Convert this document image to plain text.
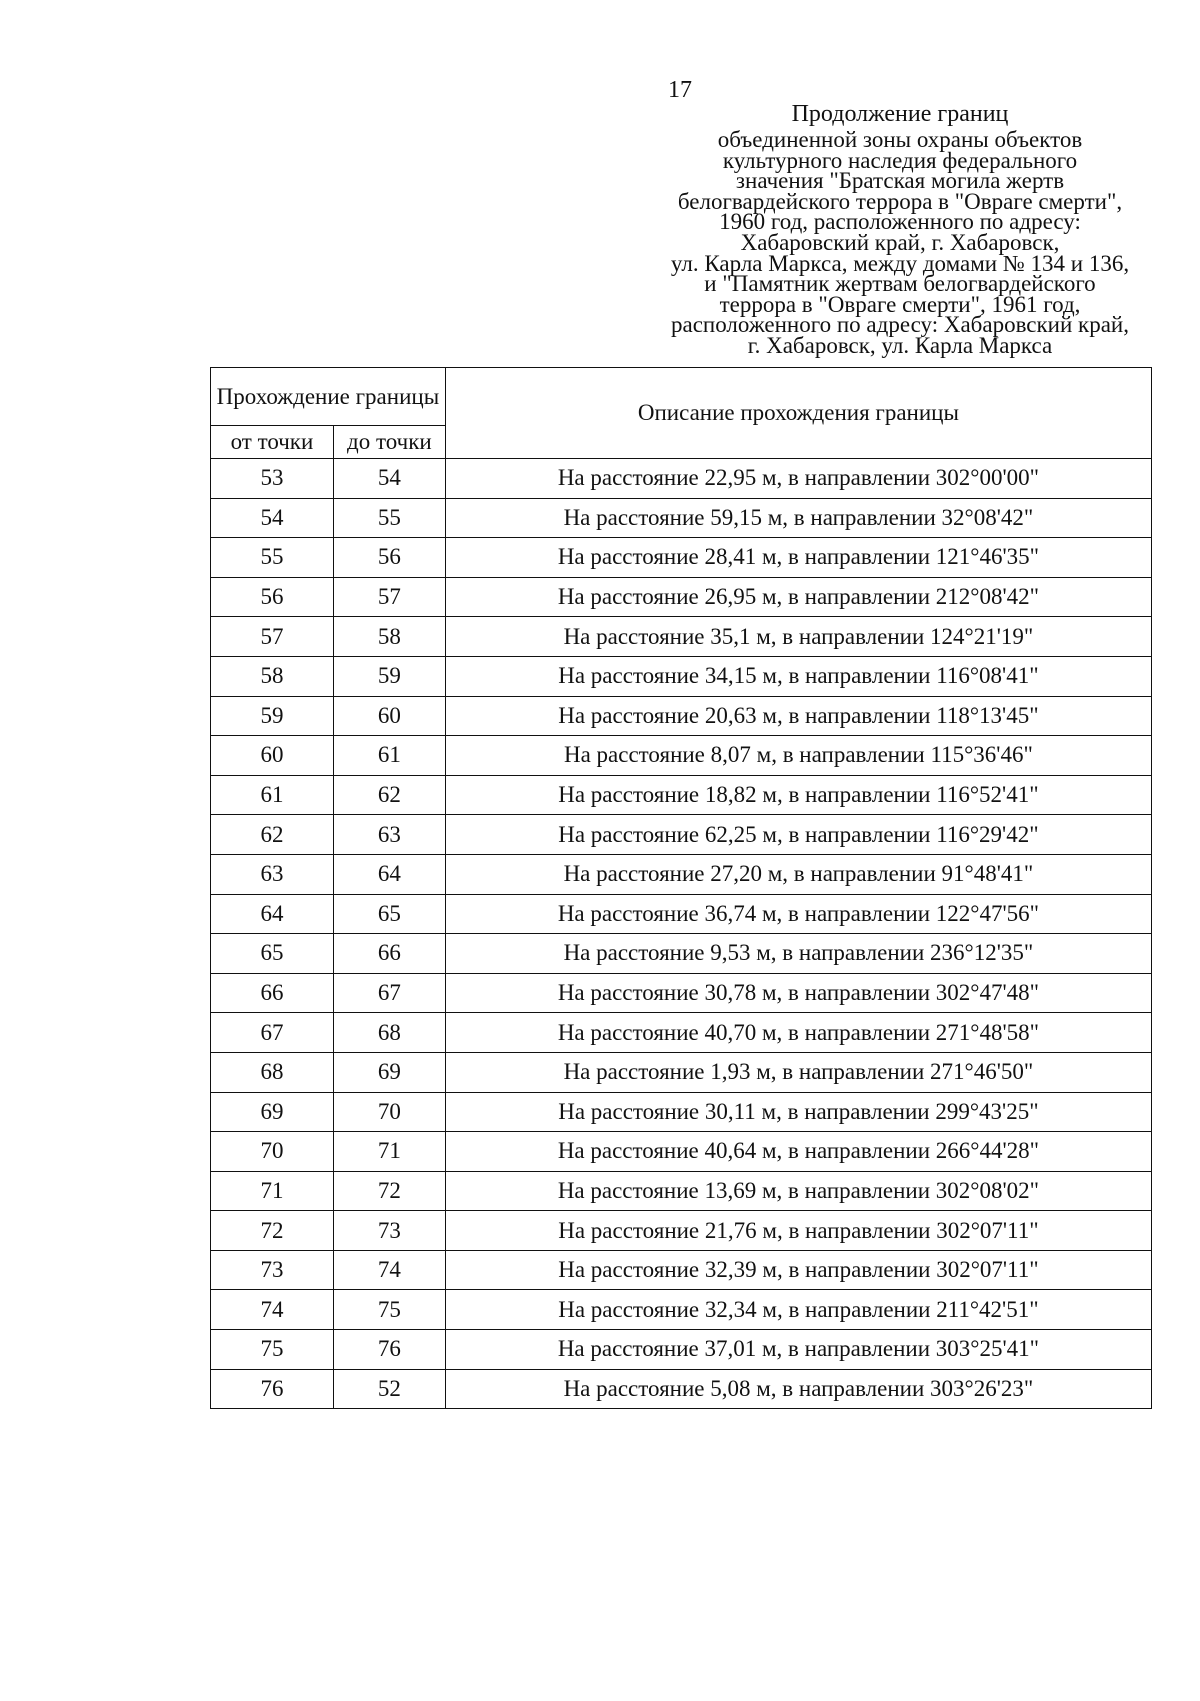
17
Продолжение границ
объединенной зоны охраны объектов
культурного наследия федерального
значения "Братская могила жертв
белогвардейского террора в "Овраге смерти",
1960 год, расположенного по адресу:
Хабаровский край, г. Хабаровск,
ул. Карла Маркса, между домами № 134 и 136,
и "Памятник жертвам белогвардейского
террора в "Овраге смерти", 1961 год,
расположенного по адресу: Хабаровский край,
г. Хабаровск, ул. Карла Маркса
Прохождение границы		Описание прохождения границы
от точки	до точки	
53	54	На расстояние 22,95 м, в направлении 302°00'00"
54	55	На расстояние 59,15 м, в направлении 32°08'42"
55	56	На расстояние 28,41 м, в направлении 121°46'35"
56	57	На расстояние 26,95 м, в направлении 212°08'42"
57	58	На расстояние 35,1 м, в направлении 124°21'19"
58	59	На расстояние 34,15 м, в направлении 116°08'41"
59	60	На расстояние 20,63 м, в направлении 118°13'45"
60	61	На расстояние 8,07 м, в направлении 115°36'46"
61	62	На расстояние 18,82 м, в направлении 116°52'41"
62	63	На расстояние 62,25 м, в направлении 116°29'42"
63	64	На расстояние 27,20 м, в направлении 91°48'41"
64	65	На расстояние 36,74 м, в направлении 122°47'56"
65	66	На расстояние 9,53 м, в направлении 236°12'35"
66	67	На расстояние 30,78 м, в направлении 302°47'48"
67	68	На расстояние 40,70 м, в направлении 271°48'58"
68	69	На расстояние 1,93 м, в направлении 271°46'50"
69	70	На расстояние 30,11 м, в направлении 299°43'25"
70	71	На расстояние 40,64 м, в направлении 266°44'28"
71	72	На расстояние 13,69 м, в направлении 302°08'02"
72	73	На расстояние 21,76 м, в направлении 302°07'11"
73	74	На расстояние 32,39 м, в направлении 302°07'11"
74	75	На расстояние 32,34 м, в направлении 211°42'51"
75	76	На расстояние 37,01 м, в направлении 303°25'41"
76	52	На расстояние 5,08 м, в направлении 303°26'23"
